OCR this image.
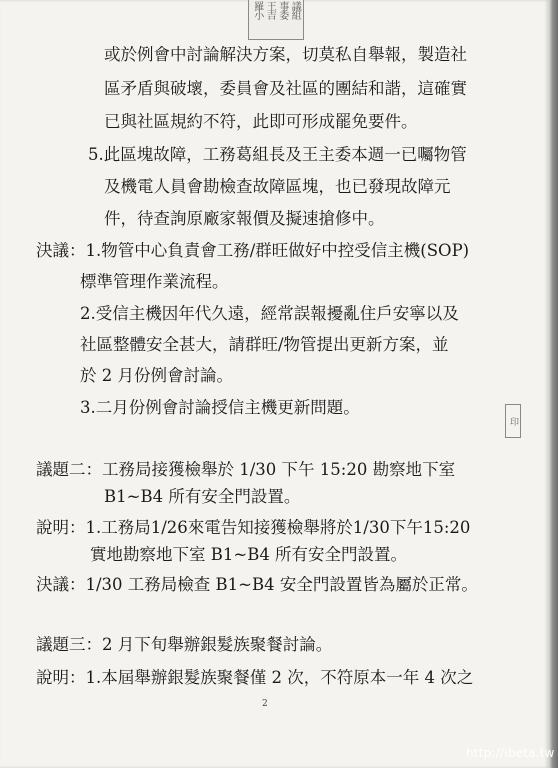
議組
事委
王吉
羅小
印
或於例會中討論解決方案，切莫私自舉報，製造社
區矛盾與破壞，委員會及社區的團結和諧，這確實
已與社區規約不符，此即可形成罷免要件。
5.此區塊故障，工務葛組長及王主委本週一已囑物管
及機電人員會勘檢查故障區塊，也已發現故障元
件，待查詢原廠家報價及擬速搶修中。
決議：1.物管中心負責會工務/群旺做好中控受信主機(SOP)
標準管理作業流程。
2.受信主機因年代久遠，經常誤報擾亂住戶安寧以及
社區整體安全甚大，請群旺/物管提出更新方案，並
於 2 月份例會討論。
3.二月份例會討論授信主機更新問題。
議題二：工務局接獲檢舉於 1/30 下午 15:20 勘察地下室
B1~B4 所有安全門設置。
說明：1.工務局1/26來電告知接獲檢舉將於1/30下午15:20
實地勘察地下室 B1~B4 所有安全門設置。
決議：1/30 工務局檢查 B1~B4 安全門設置皆為屬於正常。
議題三：2 月下旬舉辦銀髮族聚餐討論。
說明：1.本屆舉辦銀髮族聚餐僅 2 次，不符原本一年 4 次之
2
http://ibeta.tw
